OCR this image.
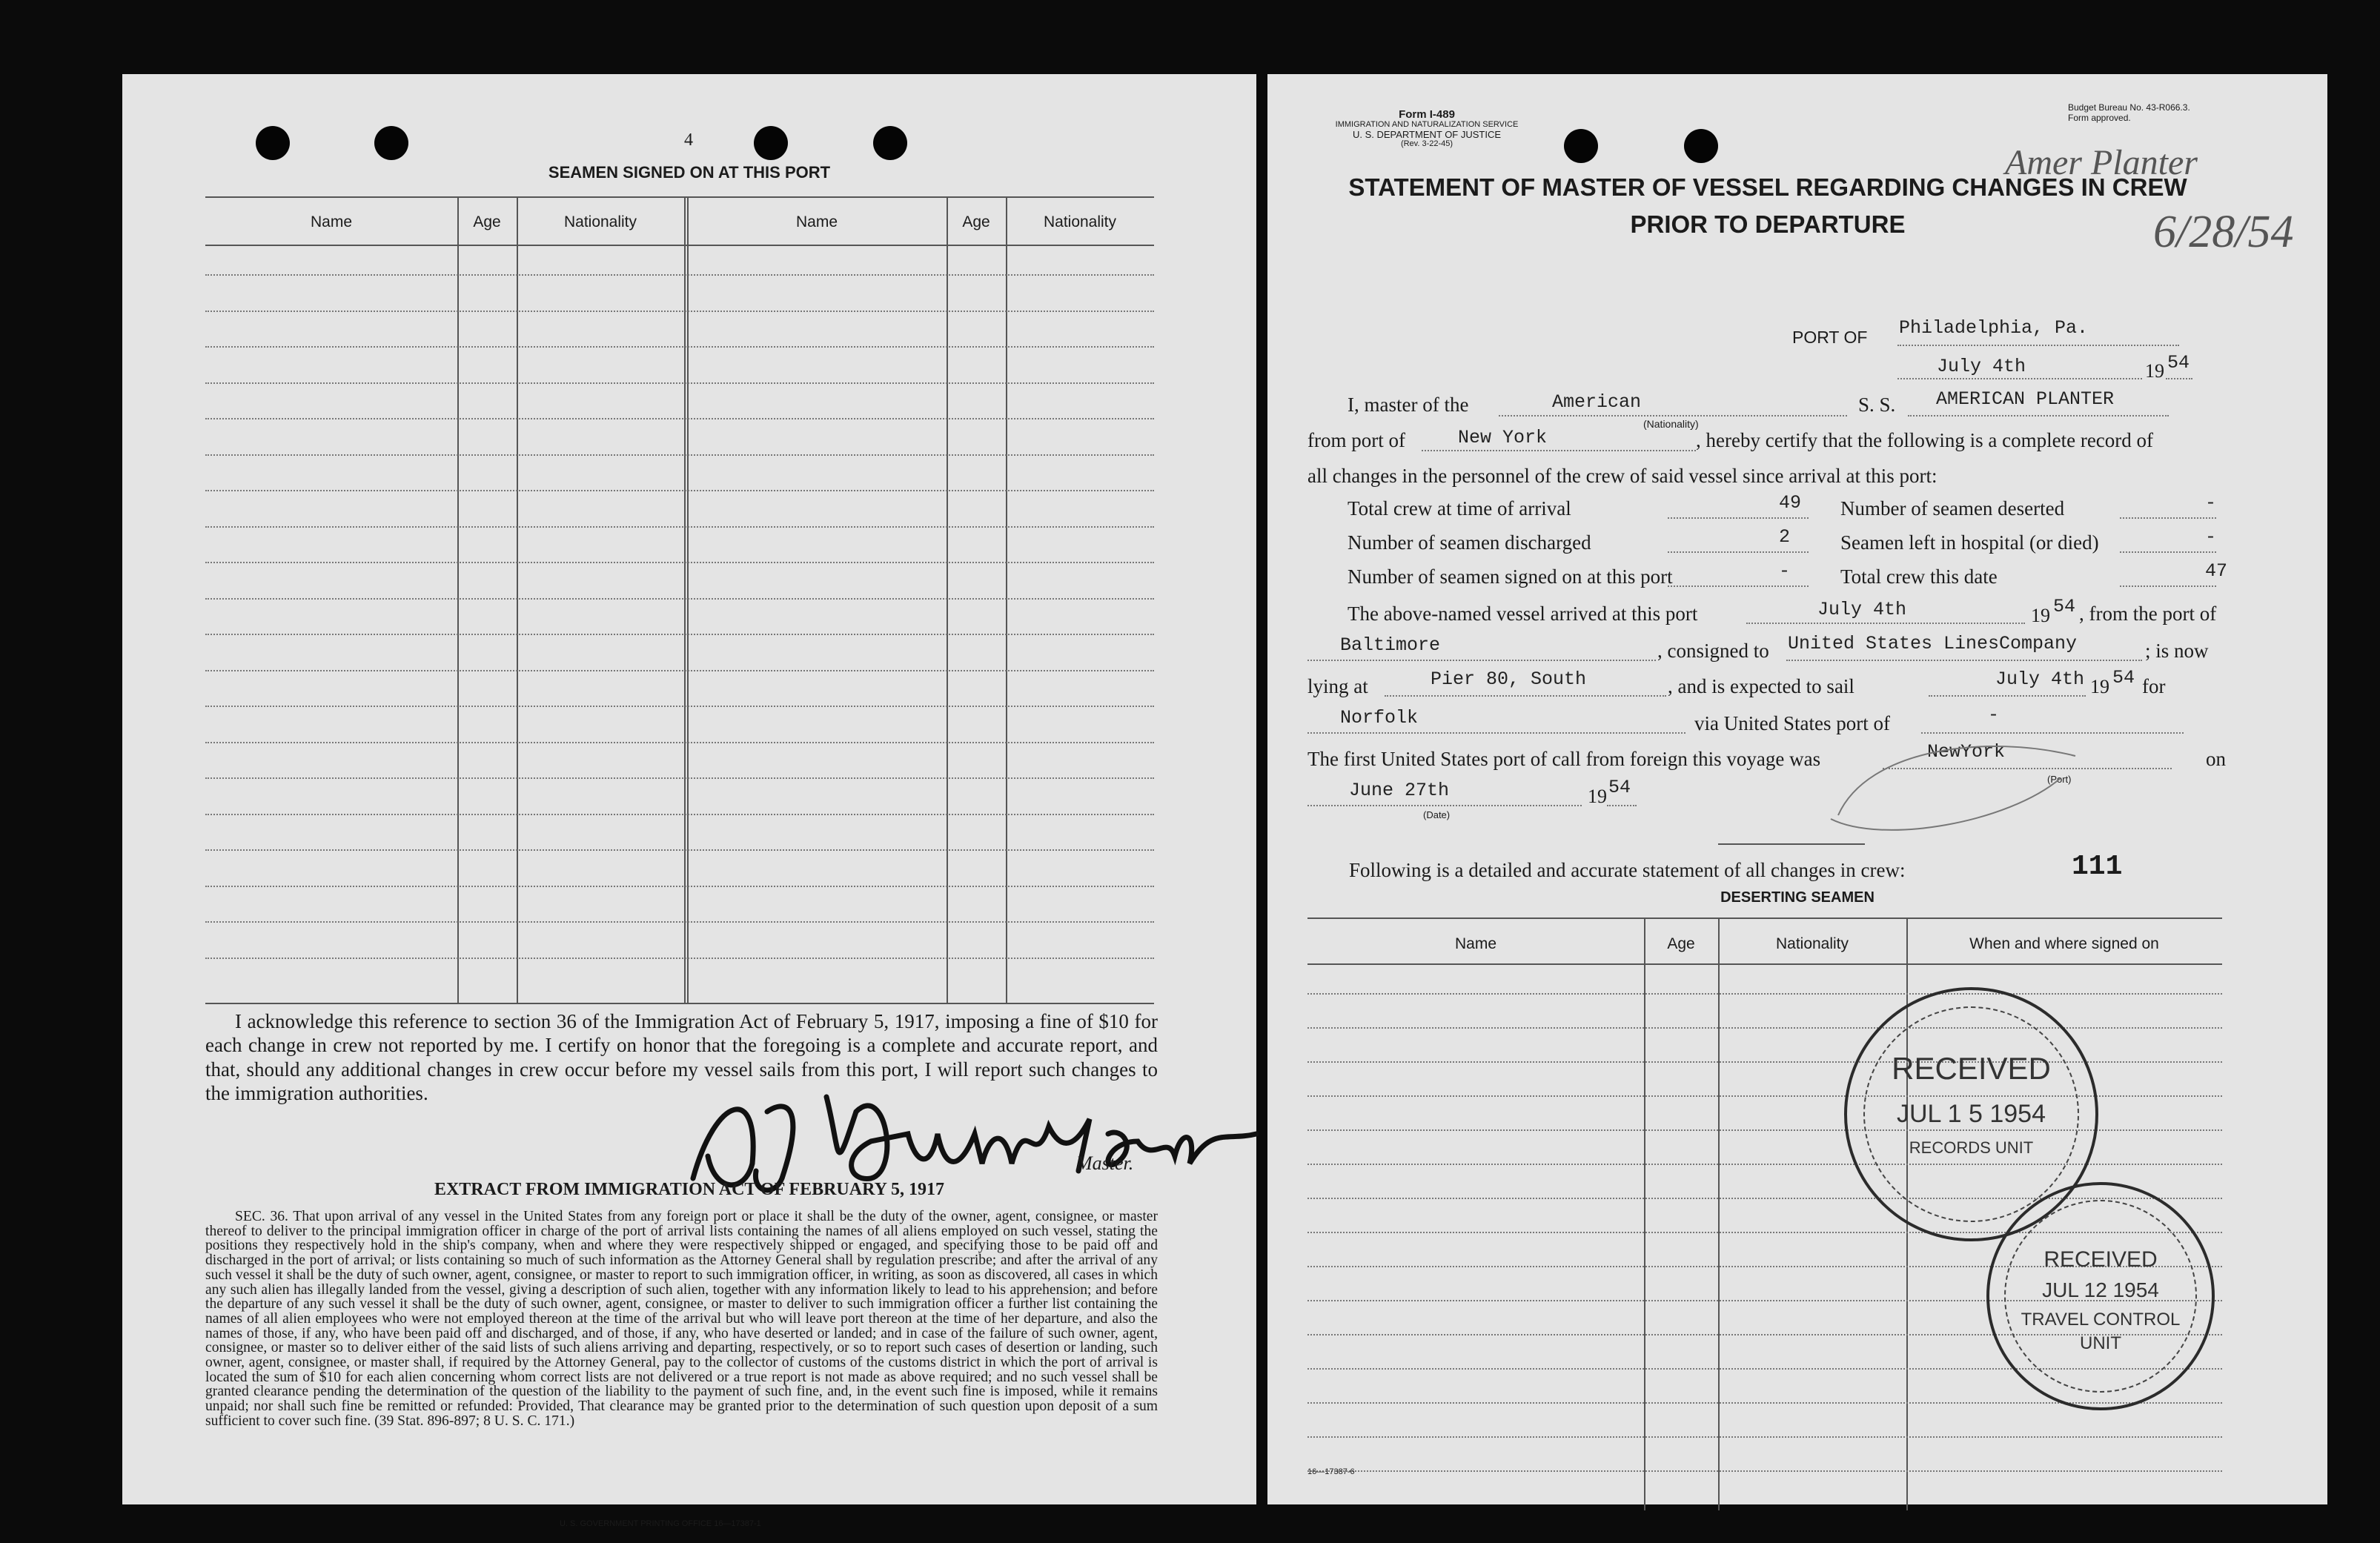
4
SEAMEN SIGNED ON AT THIS PORT
Name	Age	Nationality	Name	Age	Nationality
I acknowledge this reference to section 36 of the Immigration Act of February 5, 1917, imposing a fine of $10 for each change in crew not reported by me. I certify on honor that the foregoing is a complete and accurate report, and that, should any additional changes in crew occur before my vessel sails from this port, I will report such changes to the immigration authorities.
Master.
EXTRACT FROM IMMIGRATION ACT OF FEBRUARY 5, 1917
SEC. 36. That upon arrival of any vessel in the United States from any foreign port or place it shall be the duty of the owner, agent, consignee, or master thereof to deliver to the principal immigration officer in charge of the port of arrival lists containing the names of all aliens employed on such vessel, stating the positions they respectively hold in the ship's company, when and where they were respectively shipped or engaged, and specifying those to be paid off and discharged in the port of arrival; or lists containing so much of such information as the Attorney General shall by regulation prescribe; and after the arrival of any such vessel it shall be the duty of such owner, agent, consignee, or master to report to such immigration officer, in writing, as soon as discovered, all cases in which any such alien has illegally landed from the vessel, giving a description of such alien, together with any information likely to lead to his apprehension; and before the departure of any such vessel it shall be the duty of such owner, agent, consignee, or master to deliver to such immigration officer a further list containing the names of all alien employees who were not employed thereon at the time of the arrival but who will leave port thereon at the time of her departure, and also the names of those, if any, who have been paid off and discharged, and of those, if any, who have deserted or landed; and in case of the failure of such owner, agent, consignee, or master so to deliver either of the said lists of such aliens arriving and departing, respectively, or so to report such cases of desertion or landing, such owner, agent, consignee, or master shall, if required by the Attorney General, pay to the collector of customs of the customs district in which the port of arrival is located the sum of $10 for each alien concerning whom correct lists are not delivered or a true report is not made as above required; and no such vessel shall be granted clearance pending the determination of the question of the liability to the payment of such fine, and, in the event such fine is imposed, while it remains unpaid; nor shall such fine be remitted or refunded: Provided, That clearance may be granted prior to the determination of such question upon deposit of a sum sufficient to cover such fine. (39 Stat. 896-897; 8 U. S. C. 171.)
U. S. GOVERNMENT PRINTING OFFICE 16—17387-1
Form I-489
IMMIGRATION AND NATURALIZATION SERVICE
U. S. DEPARTMENT OF JUSTICE
(Rev. 3-22-45)
Budget Bureau No. 43-R066.3.
Form approved.
Amer Planter
6/28/54
STATEMENT OF MASTER OF VESSEL REGARDING CHANGES IN CREW
PRIOR TO DEPARTURE
PORT OF Philadelphia, Pa.
July 4th	19 54
I, master of the	American
(Nationality)
S. S. AMERICAN PLANTER
from port of	New York	, hereby certify that the following is a complete record of
all changes in the personnel of the crew of said vessel since arrival at this port:
Total crew at time of arrival	49 Number of seamen deserted	-
Number of seamen discharged	2	Seamen left in hospital (or died)	-
Number of seamen signed on at this port	-	Total crew this date	47
The above-named vessel arrived at this port	July 4th	19 54 , from the port of
Baltimore	, consigned to United States LinesCompany	; is now
lying at	Pier 80, South	, and is expected to sail	July 4th 19 54 for
Norfolk	via United States port of	-
The first United States port of call from foreign this voyage was	NewYork
(Port)
on
June 27th
(Date)
19 54
Following is a detailed and accurate statement of all changes in crew:	111
DESERTING SEAMEN
Name	Age	Nationality	When and where signed on
RECEIVED
JUL 1 5 1954
RECORDS UNIT
RECEIVED
JUL 12 1954
TRAVEL CONTROL
UNIT
16—17387-6
